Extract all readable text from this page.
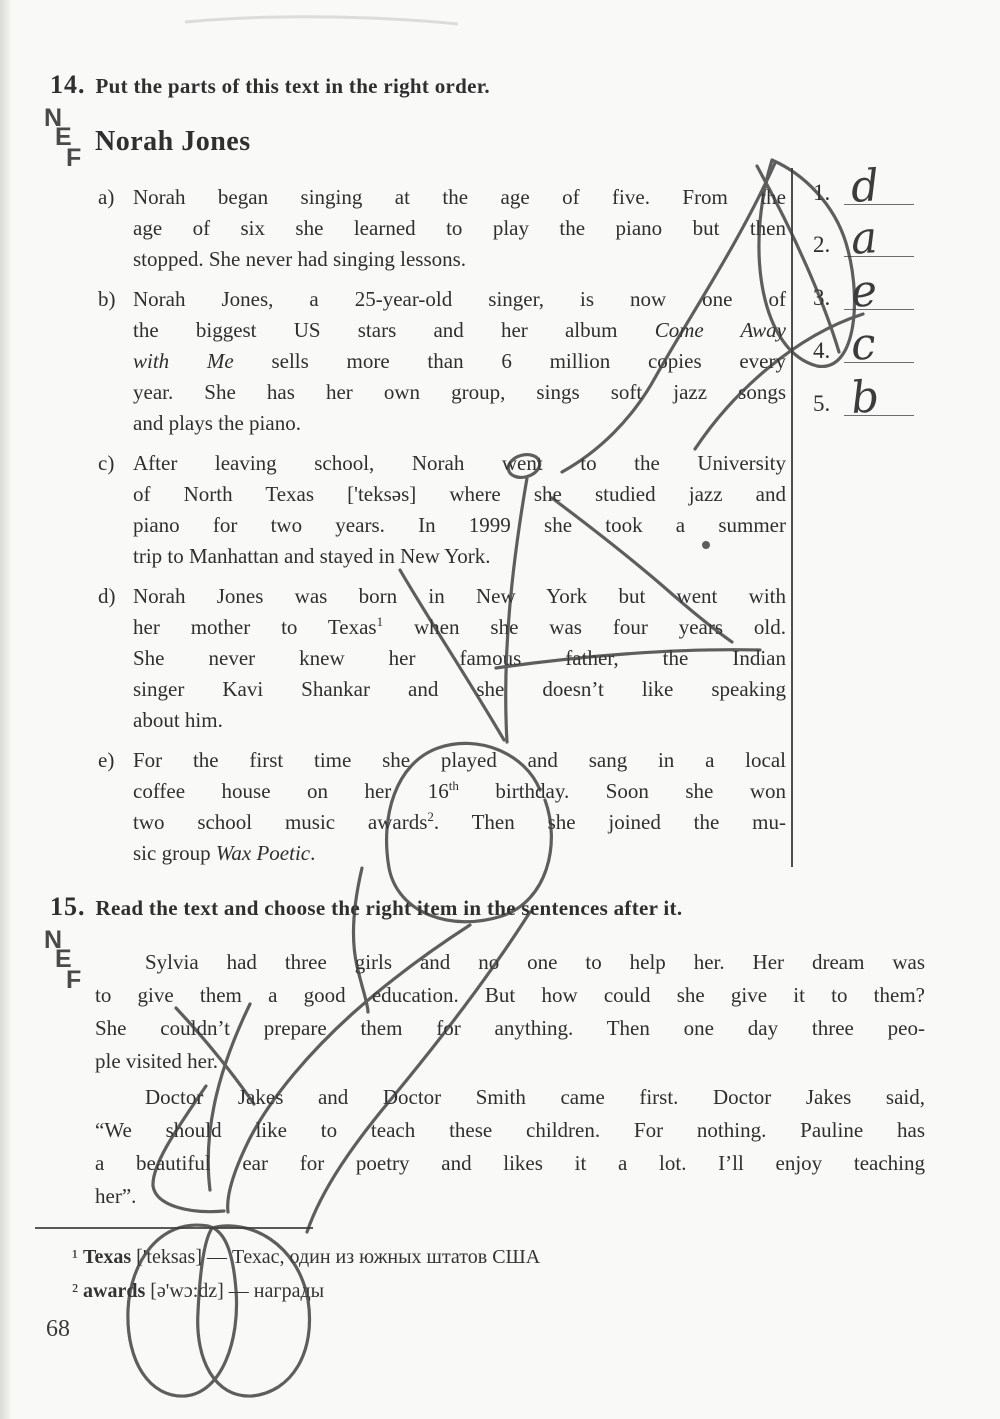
14. Put the parts of this text in the right order.
N
E
F
Norah Jones
a) Norah began singing at the age of five. From the
age of six she learned to play the piano but then
stopped. She never had singing lessons.
b) Norah Jones, a 25-year-old singer, is now one of
the biggest US stars and her album Come Away
with Me sells more than 6 million copies every
year. She has her own group, sings soft jazz songs
and plays the piano.
c) After leaving school, Norah went to the University
of North Texas ['teksəs] where she studied jazz and
piano for two years. In 1999 she took a summer
trip to Manhattan and stayed in New York.
d) Norah Jones was born in New York but went with
her mother to Texas$^1$ when she was four years old.
She never knew her famous father, the Indian
singer Kavi Shankar and she doesn’t like speaking
about him.
e) For the first time she played and sang in a local
coffee house on her 16th birthday. Soon she won
two school music awards$^2$. Then she joined the mu-
sic group Wax Poetic.
1. d
2. a
3. e
4. c
5. b
15. Read the text and choose the right item in the sentences after it.
N
E
F
Sylvia had three girls and no one to help her. Her dream was
to give them a good education. But how could she give it to them?
She couldn’t prepare them for anything. Then one day three peo-
ple visited her.
Doctor Jakes and Doctor Smith came first. Doctor Jakes said,
“We should like to teach these children. For nothing. Pauline has
a beautiful ear for poetry and likes it a lot. I’ll enjoy teaching
her”.
¹ Texas ['teksas] — Техас, один из южных штатов США
² awards [ə'wɔ:dz] — награды
68
